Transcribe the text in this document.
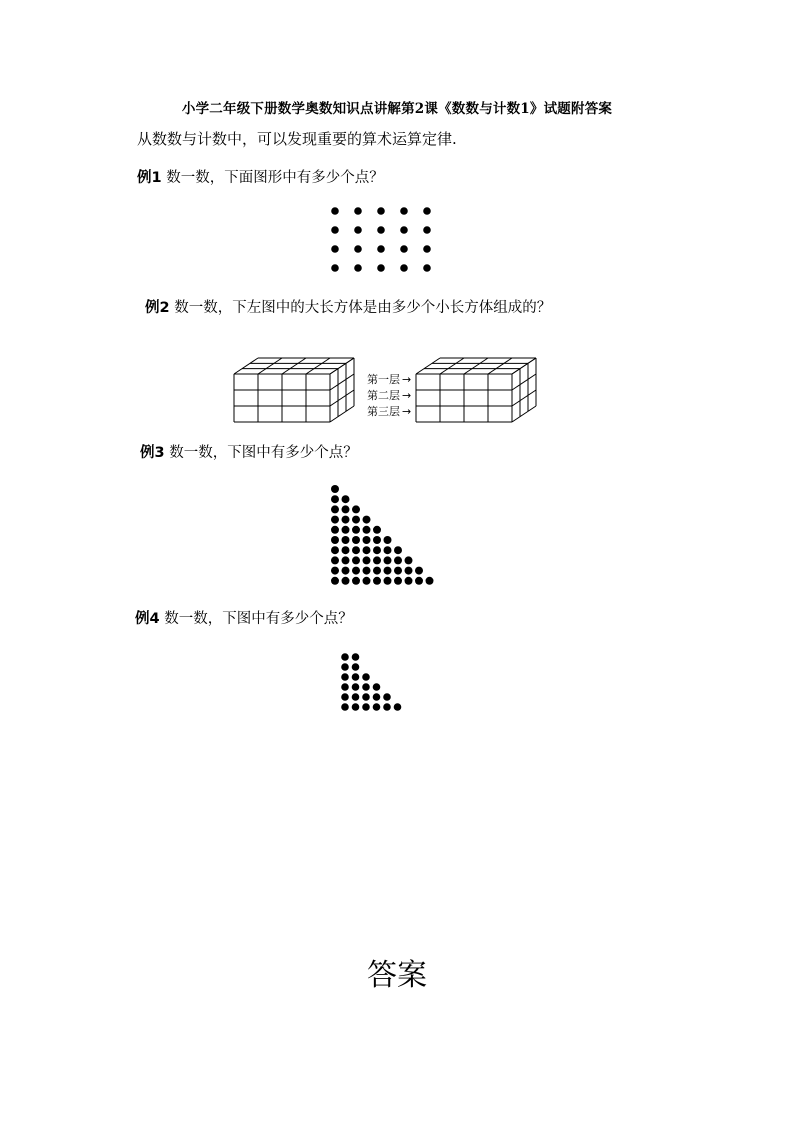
小学二年级下册数学奥数知识点讲解第2课《数数与计数1》试题附答案
从数数与计数中，可以发现重要的算术运算定律.
例1 数一数，下面图形中有多少个点？
例2 数一数，下左图中的大长方体是由多少个小长方体组成的？
第一层
第二层
第三层
→
→
→
例3 数一数，下图中有多少个点？
例4 数一数，下图中有多少个点？
答案
